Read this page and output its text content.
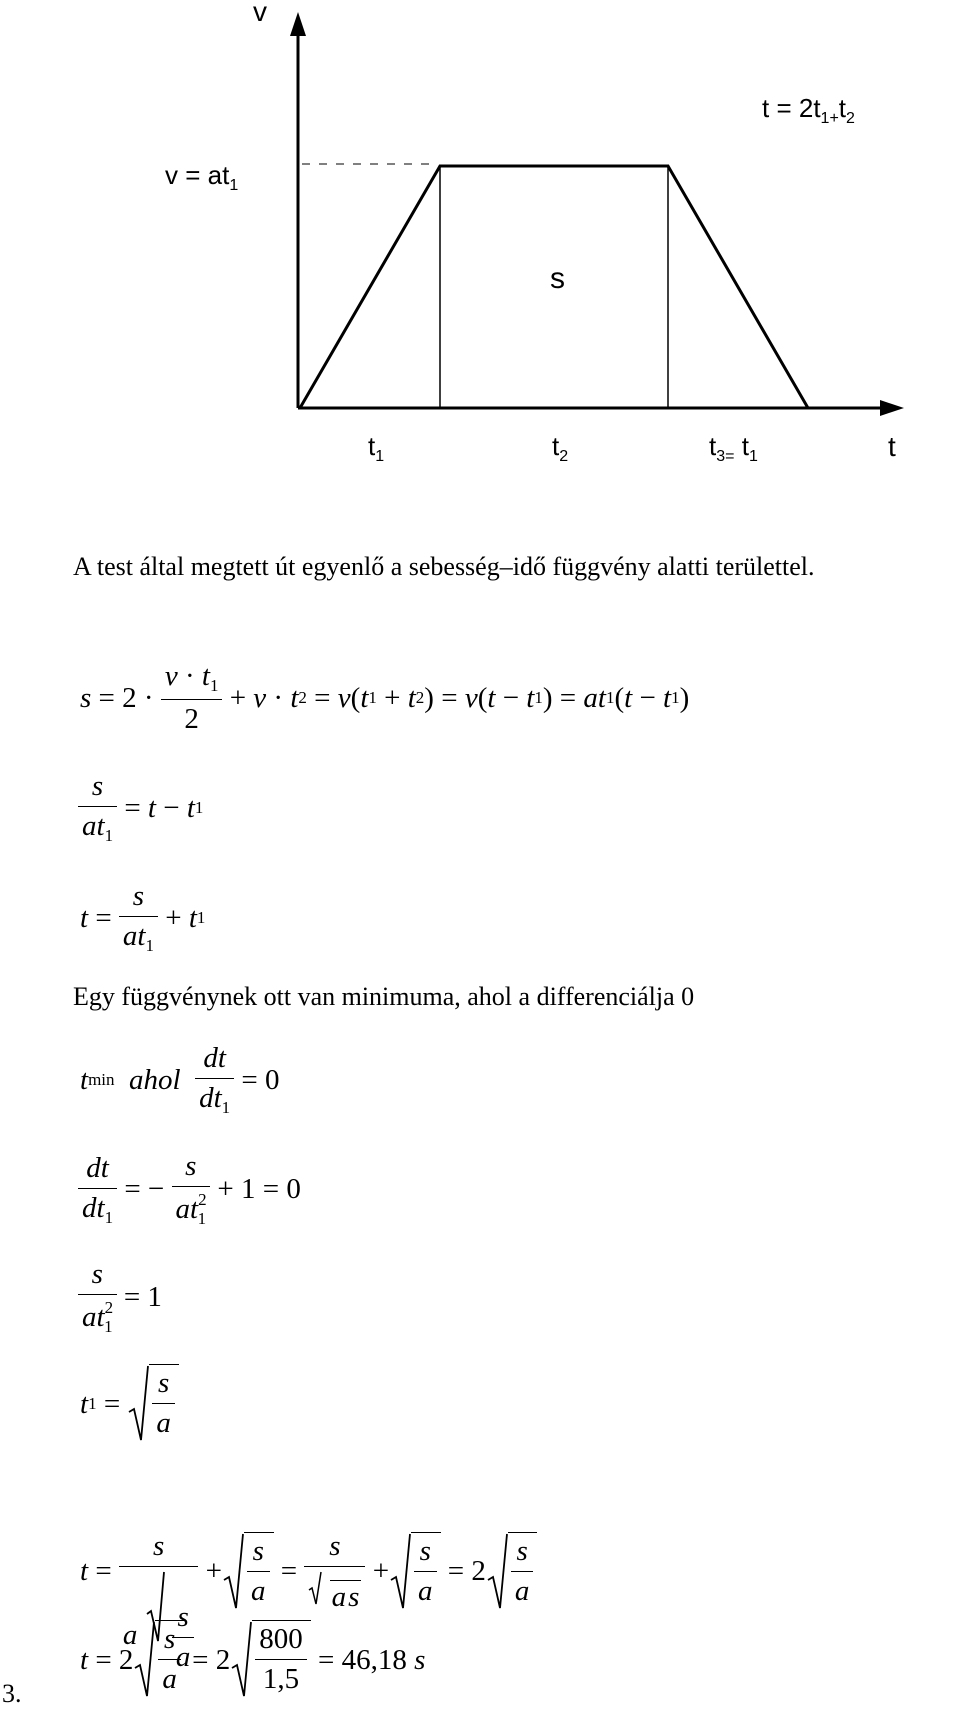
v
t
$t = 2t_{1+}t_2$
$v = at_1$
s
$t_1$	$t_2$	$t_{3=}$ $t_1$
A test által megtett út egyenlő a sebesség–idő függvény alatti területtel.
s
=
2
·

$v \cdot t_1$
2

+
v
·
t 2
=
v ( t 1
+
t 2 )
=
v ( t
−
t 1 )
=
at 1 ( t
−
t 1 )
$\frac{s}{at_1}$
=
t
−
t 1
t
=
$\frac{s}{at_1}$
+
t 1
Egy függvénynek ott van minimuma, ahol a differenciálja 0
t min
ahol
$\frac{dt}{dt_1}$
=
0
$\frac{dt}{dt_1}$
=
−
$\frac{s}{at^2_1}$
+
1
=
0
$\frac{s}{at^2_1}$
=
1
t 1
=
$\frac{s}{a}$
t
=
$\frac{s}{a \frac{s}{a}}$
+ $\frac{s}{a}$
=
$\frac{s}{as}$
+ $\frac{s}{a}$
=
$2 \frac{s}{a}$
3.
t
=
$2 \frac{s}{a}$
=
$2 \frac{800}{1,5}$
= 46,18
s
